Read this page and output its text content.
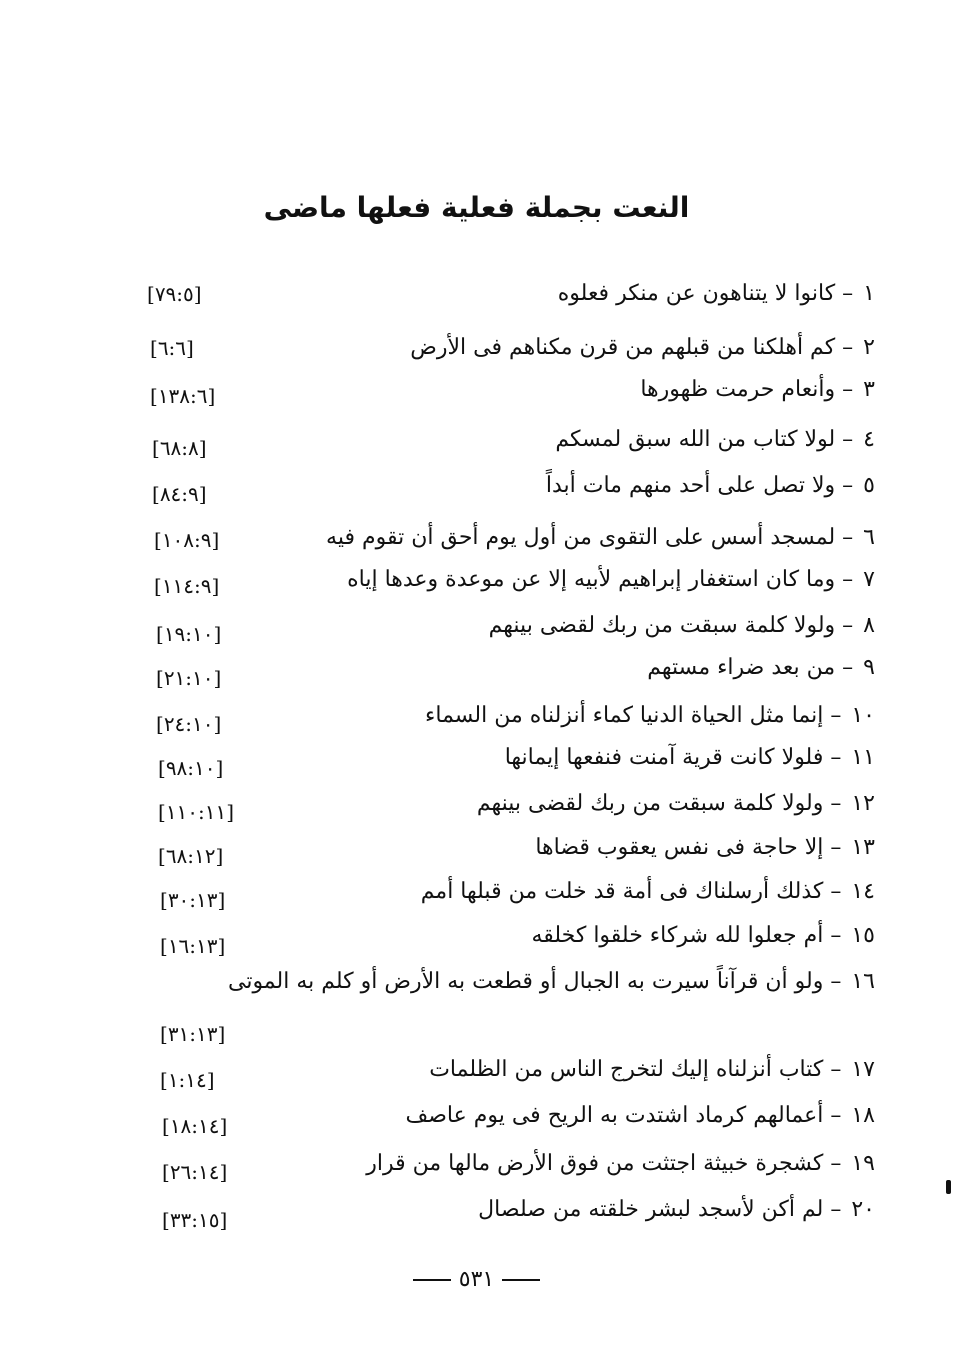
النعت بجملة فعلية فعلها ماضى
١– كانوا لا يتناهون عن منكر فعلوه
[٧٩:٥]
٢– كم أهلكنا من قبلهم من قرن مكناهم فى الأرض
[٦:٦]
٣– وأنعام حرمت ظهورها
[١٣٨:٦]
٤– لولا كتاب من الله سبق لمسكم
[٦٨:٨]
٥– ولا تصل على أحد منهم مات أبداً
[٨٤:٩]
٦– لمسجد أسس على التقوى من أول يوم أحق أن تقوم فيه
[١٠٨:٩]
٧– وما كان استغفار إبراهيم لأبيه إلا عن موعدة وعدها إياه
[١١٤:٩]
٨– ولولا كلمة سبقت من ربك لقضى بينهم
[١٩:١٠]
٩– من بعد ضراء مستهم
[٢١:١٠]
١٠– إنما مثل الحياة الدنيا كماء أنزلناه من السماء
[٢٤:١٠]
١١– فلولا كانت قرية آمنت فنفعها إيمانها
[٩٨:١٠]
١٢– ولولا كلمة سبقت من ربك لقضى بينهم
[١١٠:١١]
١٣– إلا حاجة فى نفس يعقوب قضاها
[٦٨:١٢]
١٤– كذلك أرسلناك فى أمة قد خلت من قبلها أمم
[٣٠:١٣]
١٥– أم جعلوا لله شركاء خلقوا كخلقه
[١٦:١٣]
١٦– ولو أن قرآناً سيرت به الجبال أو قطعت به الأرض أو كلم به الموتى
[٣١:١٣]
١٧– كتاب أنزلناه إليك لتخرج الناس من الظلمات
[١:١٤]
١٨– أعمالهم كرماد اشتدت به الريح فى يوم عاصف
[١٨:١٤]
١٩– كشجرة خبيثة اجتثت من فوق الأرض مالها من قرار
[٢٦:١٤]
٢٠– لم أكن لأسجد لبشر خلقته من صلصال
[٣٣:١٥]
٥٣١
